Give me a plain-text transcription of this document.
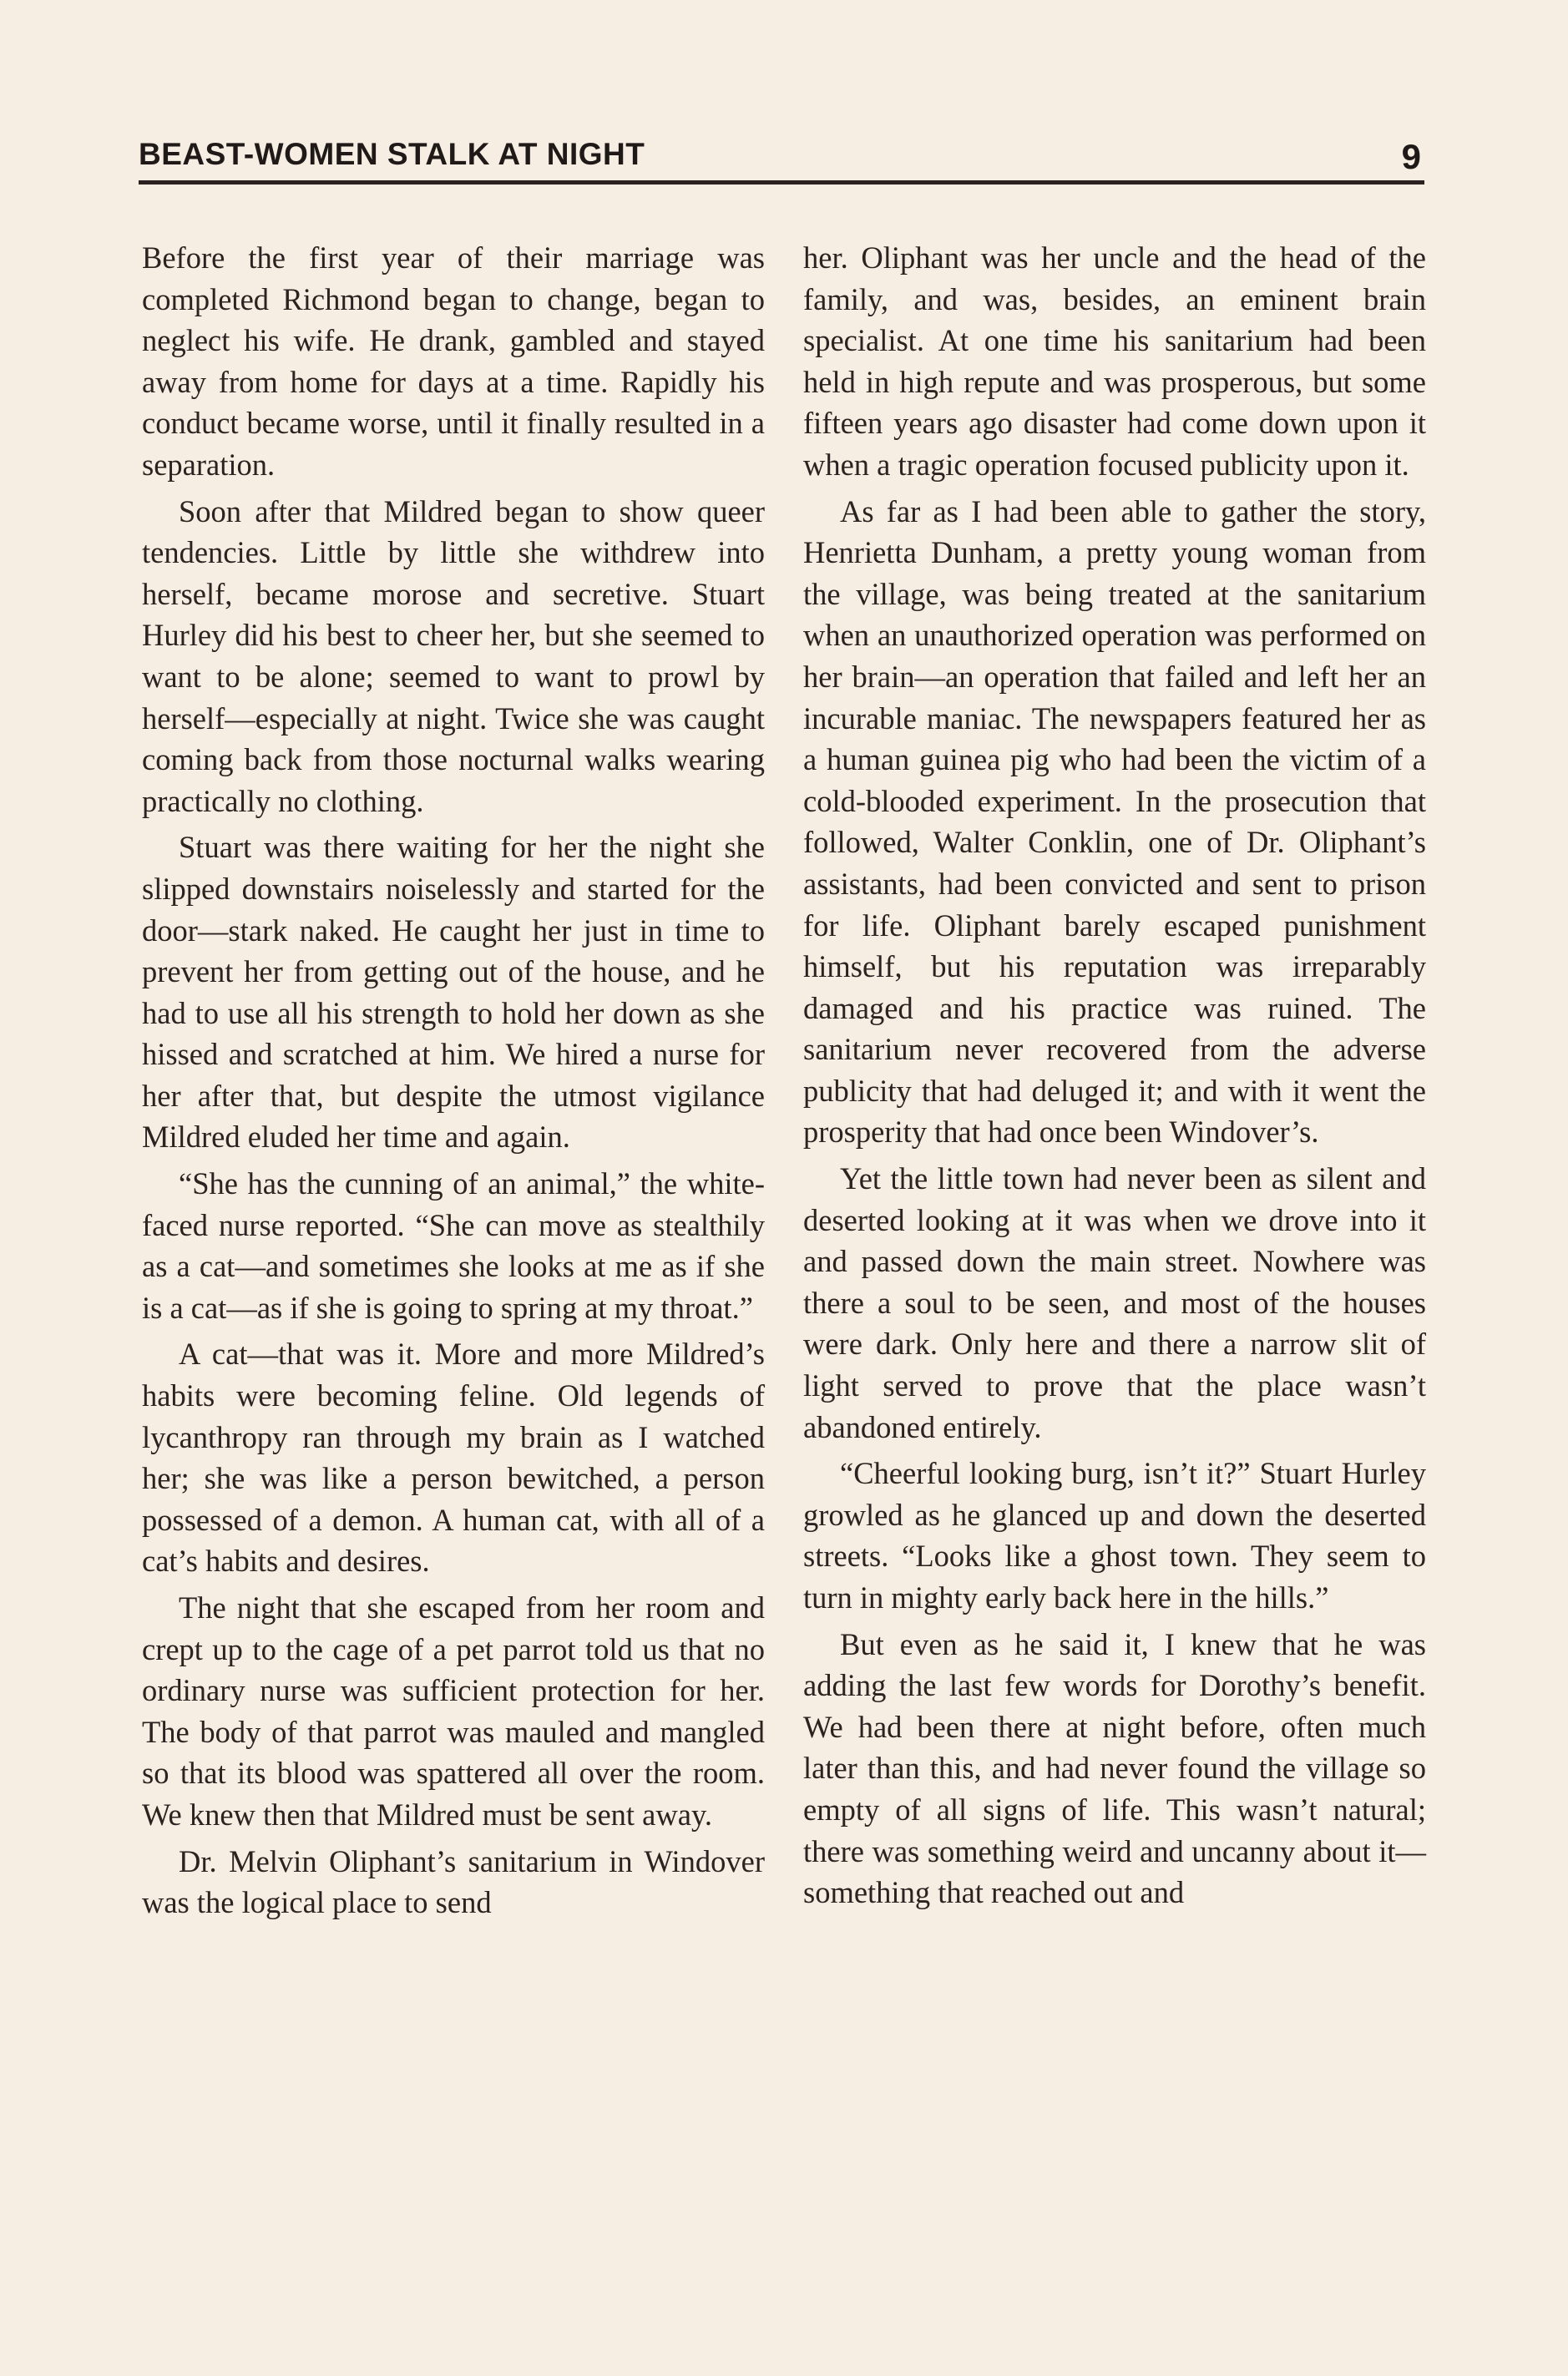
BEAST-WOMEN STALK AT NIGHT	9

Before the first year of their marriage was completed Richmond began to change, began to neglect his wife. He drank, gambled and stayed away from home for days at a time. Rapidly his conduct became worse, until it finally resulted in a separation.

Soon after that Mildred began to show queer tendencies. Little by little she withdrew into herself, became morose and secretive. Stuart Hurley did his best to cheer her, but she seemed to want to be alone; seemed to want to prowl by herself—especially at night. Twice she was caught coming back from those nocturnal walks wearing practically no clothing.

Stuart was there waiting for her the night she slipped downstairs noiselessly and started for the door—stark naked. He caught her just in time to prevent her from getting out of the house, and he had to use all his strength to hold her down as she hissed and scratched at him. We hired a nurse for her after that, but despite the utmost vigilance Mildred eluded her time and again.

“She has the cunning of an animal,” the white-faced nurse reported. “She can move as stealthily as a cat—and sometimes she looks at me as if she is a cat—as if she is going to spring at my throat.”

A cat—that was it. More and more Mildred’s habits were becoming feline. Old legends of lycanthropy ran through my brain as I watched her; she was like a person bewitched, a person possessed of a demon. A human cat, with all of a cat’s habits and desires.

The night that she escaped from her room and crept up to the cage of a pet parrot told us that no ordinary nurse was sufficient protection for her. The body of that parrot was mauled and mangled so that its blood was spattered all over the room. We knew then that Mildred must be sent away.

Dr. Melvin Oliphant’s sanitarium in Windover was the logical place to send

her. Oliphant was her uncle and the head of the family, and was, besides, an eminent brain specialist. At one time his sanitarium had been held in high repute and was prosperous, but some fifteen years ago disaster had come down upon it when a tragic operation focused publicity upon it.

As far as I had been able to gather the story, Henrietta Dunham, a pretty young woman from the village, was being treated at the sanitarium when an unauthorized operation was performed on her brain—an operation that failed and left her an incurable maniac. The newspapers featured her as a human guinea pig who had been the victim of a cold-blooded experiment. In the prosecution that followed, Walter Conklin, one of Dr. Oliphant’s assistants, had been convicted and sent to prison for life. Oliphant barely escaped punishment himself, but his reputation was irreparably damaged and his practice was ruined. The sanitarium never recovered from the adverse publicity that had deluged it; and with it went the prosperity that had once been Windover’s.

Yet the little town had never been as silent and deserted looking at it was when we drove into it and passed down the main street. Nowhere was there a soul to be seen, and most of the houses were dark. Only here and there a narrow slit of light served to prove that the place wasn’t abandoned entirely.

“Cheerful looking burg, isn’t it?” Stuart Hurley growled as he glanced up and down the deserted streets. “Looks like a ghost town. They seem to turn in mighty early back here in the hills.”

But even as he said it, I knew that he was adding the last few words for Dorothy’s benefit. We had been there at night before, often much later than this, and had never found the village so empty of all signs of life. This wasn’t natural; there was something weird and uncanny about it—something that reached out and
